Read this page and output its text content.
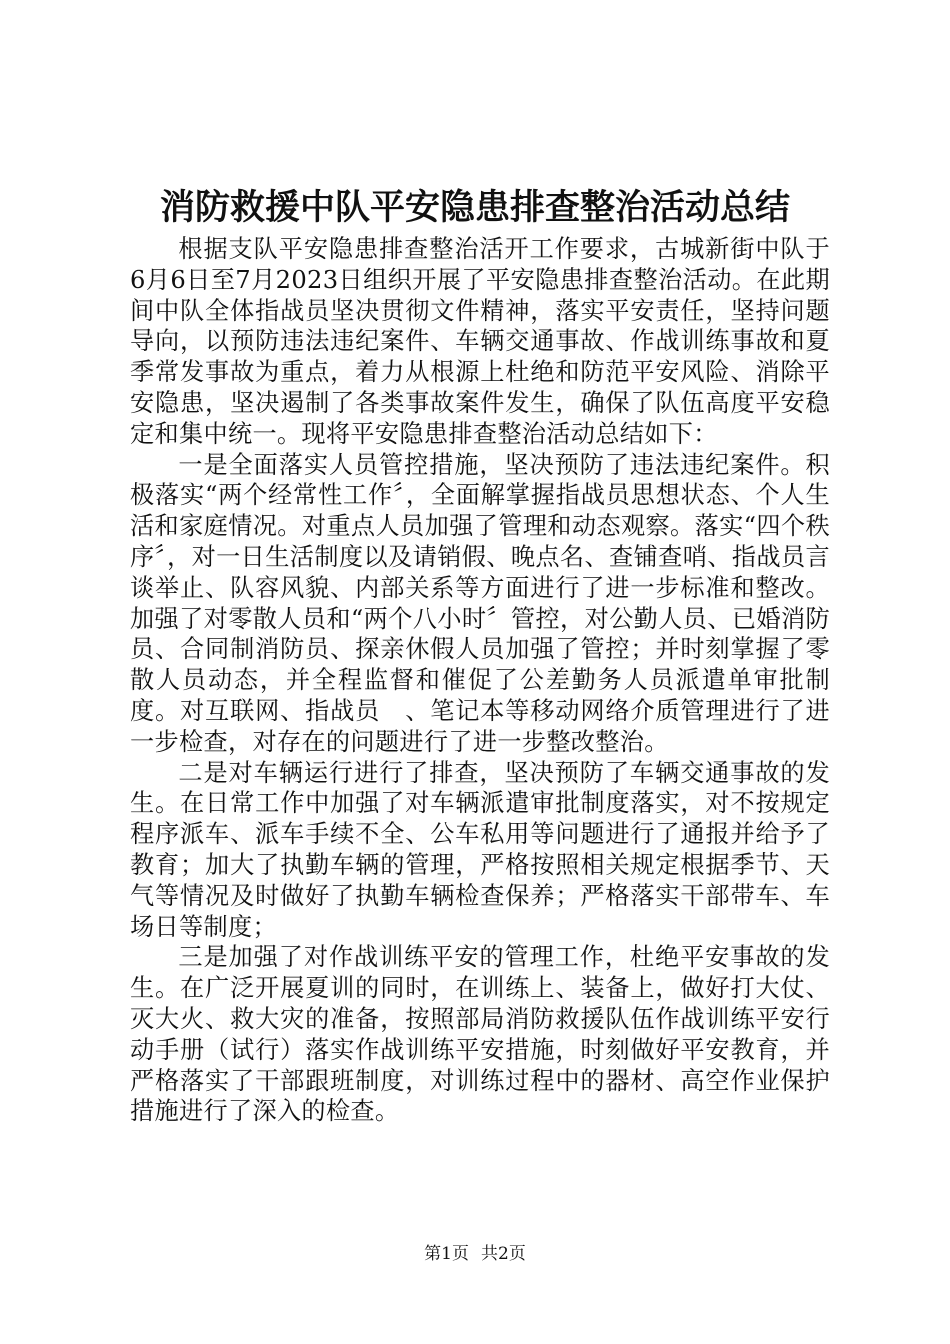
消防救援中队平安隐患排查整治活动总结

根据支队平安隐患排查整治活开工作要求，古城新街中队于6月6日至7月2023日组织开展了平安隐患排查整治活动。在此期间中队全体指战员坚决贯彻文件精神，落实平安责任，坚持问题导向，以预防违法违纪案件、车辆交通事故、作战训练事故和夏季常发事故为重点，着力从根源上杜绝和防范平安风险、消除平安隐患，坚决遏制了各类事故案件发生，确保了队伍高度平安稳定和集中统一。现将平安隐患排查整治活动总结如下：

一是全面落实人员管控措施，坚决预防了违法违纪案件。积极落实“两个经常性工作〞，全面解掌握指战员思想状态、个人生活和家庭情况。对重点人员加强了管理和动态观察。落实“四个秩序〞，对一日生活制度以及请销假、晚点名、查铺查哨、指战员言谈举止、队容风貌、内部关系等方面进行了进一步标准和整改。加强了对零散人员和“两个八小时〞管控，对公勤人员、已婚消防员、合同制消防员、探亲休假人员加强了管控；并时刻掌握了零散人员动态，并全程监督和催促了公差勤务人员派遣单审批制度。对互联网、指战员　、笔记本等移动网络介质管理进行了进一步检查，对存在的问题进行了进一步整改整治。

二是对车辆运行进行了排查，坚决预防了车辆交通事故的发生。在日常工作中加强了对车辆派遣审批制度落实，对不按规定程序派车、派车手续不全、公车私用等问题进行了通报并给予了教育；加大了执勤车辆的管理，严格按照相关规定根据季节、天气等情况及时做好了执勤车辆检查保养；严格落实干部带车、车场日等制度；

三是加强了对作战训练平安的管理工作，杜绝平安事故的发生。在广泛开展夏训的同时，在训练上、装备上，做好打大仗、灭大火、救大灾的准备，按照部局消防救援队伍作战训练平安行动手册（试行）落实作战训练平安措施，时刻做好平安教育，并严格落实了干部跟班制度，对训练过程中的器材、高空作业保护措施进行了深入的检查。

第1页 共2页
